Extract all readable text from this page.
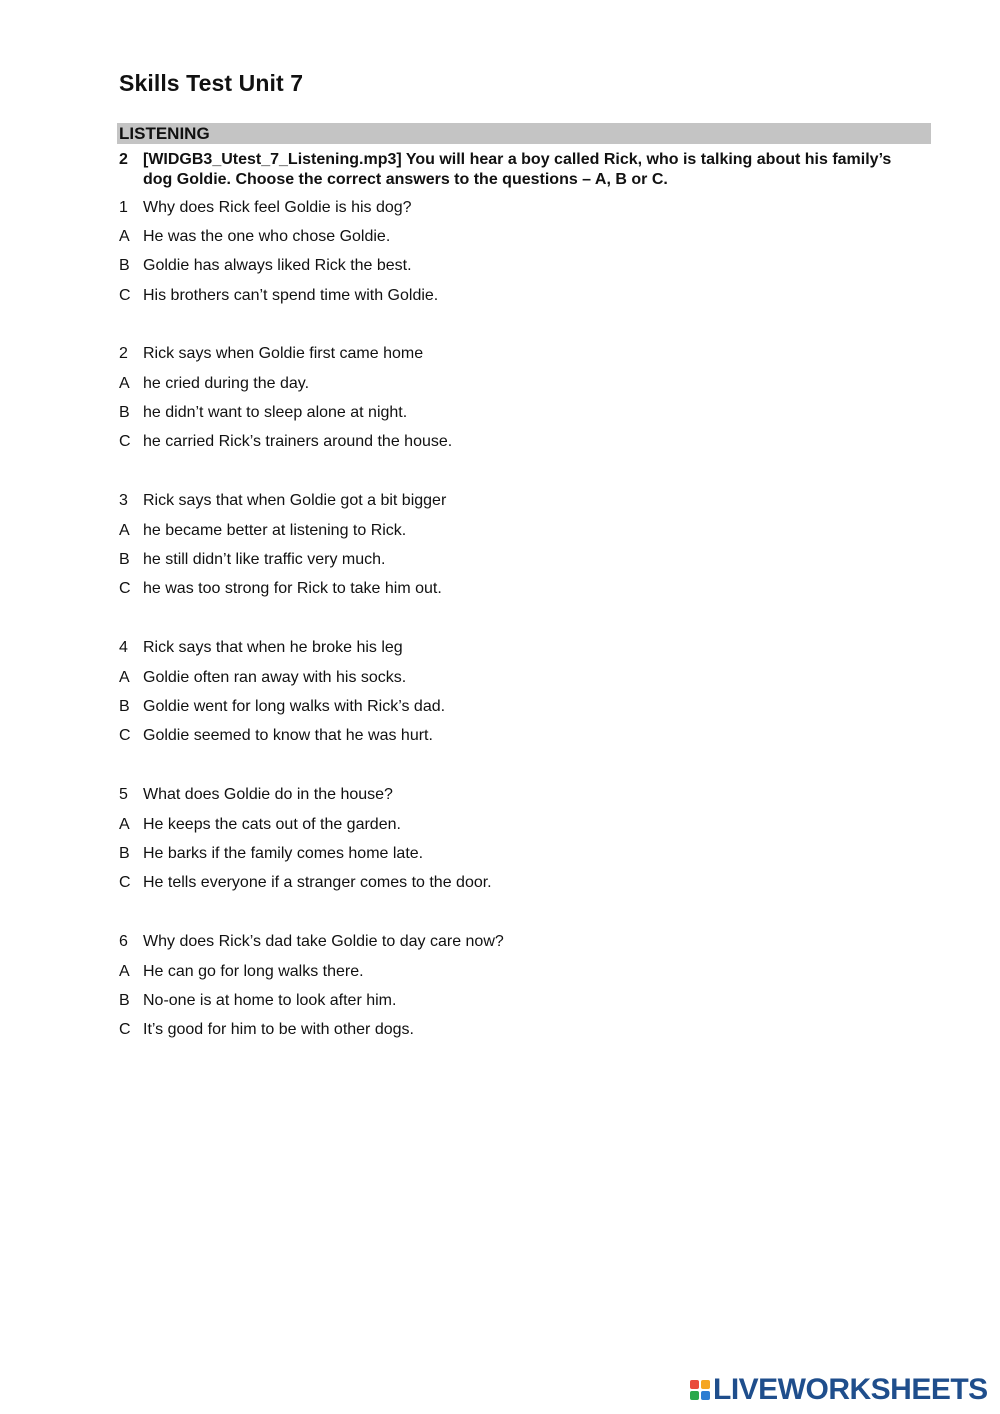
Skills Test Unit 7
LISTENING
2 [WIDGB3_Utest_7_Listening.mp3] You will hear a boy called Rick, who is talking about his family’s dog Goldie. Choose the correct answers to the questions – A, B or C.
1 Why does Rick feel Goldie is his dog?
A He was the one who chose Goldie.
B Goldie has always liked Rick the best.
C His brothers can’t spend time with Goldie.
2 Rick says when Goldie first came home
A he cried during the day.
B he didn’t want to sleep alone at night.
C he carried Rick’s trainers around the house.
3 Rick says that when Goldie got a bit bigger
A he became better at listening to Rick.
B he still didn’t like traffic very much.
C he was too strong for Rick to take him out.
4 Rick says that when he broke his leg
A Goldie often ran away with his socks.
B Goldie went for long walks with Rick’s dad.
C Goldie seemed to know that he was hurt.
5 What does Goldie do in the house?
A He keeps the cats out of the garden.
B He barks if the family comes home late.
C He tells everyone if a stranger comes to the door.
6 Why does Rick’s dad take Goldie to day care now?
A He can go for long walks there.
B No-one is at home to look after him.
C It’s good for him to be with other dogs.
LIVEWORKSHEETS
